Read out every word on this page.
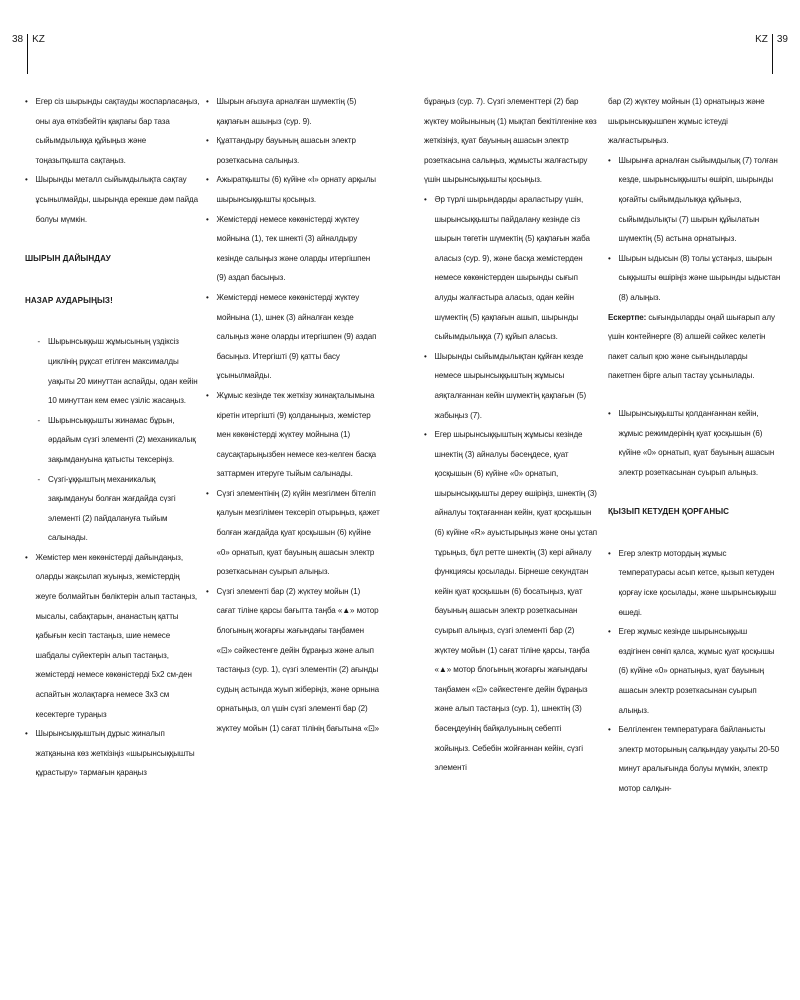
38 KZ	KZ 39
• Егер сіз шырынды сақтауды жоспарласаңыз, оны ауа өткізбейтін қақпағы бар таза сыйымдылыққа құйыңыз және тоңазытқышта сақтаңыз.
• Шырынды металл сыйымдылықта сақтау ұсынылмайды, шырында ерекше дәм пайда болуы мүмкін.
ШЫРЫН ДАЙЫНДАУ
НАЗАР АУДАРЫҢЫЗ!
- Шырынсыққыш жұмысының үздіксіз циклінің рұқсат етілген максималды уақыты 20 минуттан аспайды, одан кейін 10 минуттан кем емес үзіліс жасаңыз.
- Шырынсыққышты жинамас бұрын, әрдайым сүзгі элементі (2) механикалық зақымдануына қатысты тексеріңіз.
- Сүзгі-ұққыштың механикалық зақымдануы болған жағдайда сүзгі элементі (2) пайдалануға тыйым салынады.
• Жемістер мен көкөністерді дайындаңыз, оларды жақсылап жуыңыз, жемістердің жеуге болмайтын бөліктерін алып тастаңыз, мысалы, сабақтарын, ананастың қатты қабығын кесіп тастаңыз, шие немесе шабдалы сүйектерін алып тастаңыз, жемістерді немесе көкөністерді 5х2 см-ден аспайтын жолақтарға немесе 3х3 см кесектерге тураңыз
• Шырынсыққыштың дұрыс жиналып жатқанына көз жеткізіңіз «шырынсыққышты құрастыру» тармағын қараңыз
• Шырын ағызуға арналған шүмектің (5) қақпағын ашыңыз (сур. 9).
• Құаттандыру бауының ашасын электр розеткасына салыңыз.
• Ажыратқышты (6) күйіне «I» орнату арқылы шырынсыққышты қосыңыз.
• Жемістерді немесе көкөністерді жүктеу мойнына (1), тек шнекті (3) айналдыру кезінде салыңыз және оларды итергішпен (9) аздап басыңыз.
• Жемістерді немесе көкөністерді жүктеу мойнына (1), шнек (3) айналған кезде салыңыз және оларды итергішпен (9) аздап басыңыз. Итергішті (9) қатты басу ұсынылмайды.
• Жұмыс кезінде тек жеткізу жинақталымына кіретін итергішті (9) қолданыңыз, жемістер мен көкөністерді жүктеу мойнына (1) саусақтарыңызбен немесе кез-келген басқа заттармен итеруге тыйым салынады.
• Сүзгі элементінің (2) күйін мезгілмен бітеліп қалуын мезгілімен тексеріп отырыңыз, қажет болған жағдайда қуат қосқышын (6) күйіне «0» орнатып, қуат бауының ашасын электр розеткасынан суырып алыңыз.
• Сүзгі элементі бар (2) жүктеу мойын (1) сағат тіліне қарсы бағытта таңба «▲» мотор блогының жоғарғы жағындағы таңбамен «⊡» сәйкестенге дейін бұраңыз және алып тастаңыз (сур. 1), сүзгі элементін (2) ағынды судың астында жуып жіберіңіз, және орнына орнатыңыз, ол үшін сүзгі элементі бар (2) жүктеу мойын (1) сағат тілінің бағытына «⊡»
бұраңыз (сур. 7). Сүзгі элементтері (2) бар жүктеу мойынының (1) мықтап бекітілгеніне көз жеткізіңіз, қуат бауының ашасын электр розеткасына салыңыз, жұмысты жалғастыру үшін шырынсыққышты қосыңыз.
• Әр түрлі шырындарды араластыру үшін, шырынсыққышты пайдалану кезінде сіз шырын төгетін шүмектің (5) қақпағын жаба аласыз (сур. 9), және басқа жемістерден немесе көкөністерден шырынды сығып алуды жалғастыра аласыз, одан кейін шүмектің (5) қақпағын ашып, шырынды сыйымдылыққа (7) құйып аласыз.
• Шырынды сыйымдылықтан құйған кезде немесе шырынсыққыштың жұмысы аяқталғаннан кейін шүмектің қақпағын (5) жабыңыз (7).
• Егер шырынсыққыштың жұмысы кезінде шнектің (3) айналуы бәсеңдесе, қуат қосқышын (6) күйіне «0» орнатып, шырынсыққышты дереу өшіріңіз, шнектің (3) айналуы тоқтағаннан кейін, қуат қосқышын (6) күйіне «R» ауыстырыңыз және оны ұстап тұрыңыз, бұл ретте шнектің (3) кері айналу функциясы қосылады. Бірнеше секундтан кейін қуат қосқышын (6) босатыңыз, қуат бауының ашасын электр розеткасынан суырып алыңыз, сүзгі элементі бар (2) жүктеу мойын (1) сағат тіліне қарсы, таңба «▲» мотор блогының жоғарғы жағындағы таңбамен «⊡» сәйкестенге дейін бұраңыз және алып тастаңыз (сур. 1), шнектің (3) бәсеңдеуінің байқалуының себепті жойыңыз. Себебін жойғаннан кейін, сүзгі элементі
бар (2) жүктеу мойнын (1) орнатыңыз және шырынсыққышпен жұмыс істеуді жалғастырыңыз.
• Шырынға арналған сыйымдылық (7) толған кезде, шырынсыққышты өшіріп, шырынды қоғайты сыйымдылыққа құйыңыз, сыйымдылықты (7) шырын құйылатын шүмектің (5) астына орнатыңыз.
• Шырын ыдысын (8) толы ұстаңыз, шырын сыққышты өшіріңіз және шырынды ыдыстан (8) алыңыз.
Ескертпе: сығындыларды оңай шығарып алу үшін контейнерге (8) алшейі сәйкес келетін пакет салып қою және сығындыларды пакетпен бірге алып тастау ұсынылады.
• Шырынсыққышты қолданғаннан кейін, жұмыс режимдерінің қуат қосқышын (6) күйіне «0» орнатып, қуат бауының ашасын электр розеткасынан суырып алыңыз.
ҚЫЗЫП КЕТУДЕН ҚОРҒАНЫС
• Егер электр мотордың жұмыс температурасы асып кетсе, қызып кетуден қорғау іске қосылады, және шырынсыққыш өшеді.
• Егер жұмыс кезінде шырынсыққыш өздігінен сөніп қалса, жұмыс қуат қосқышы (6) күйіне «0» орнатыңыз, қуат бауының ашасын электр розеткасынан суырып алыңыз.
• Белгіленген температураға байланысты электр моторының салқындау уақыты 20-50 минут аралығында болуы мүмкін, электр мотор салқын-
